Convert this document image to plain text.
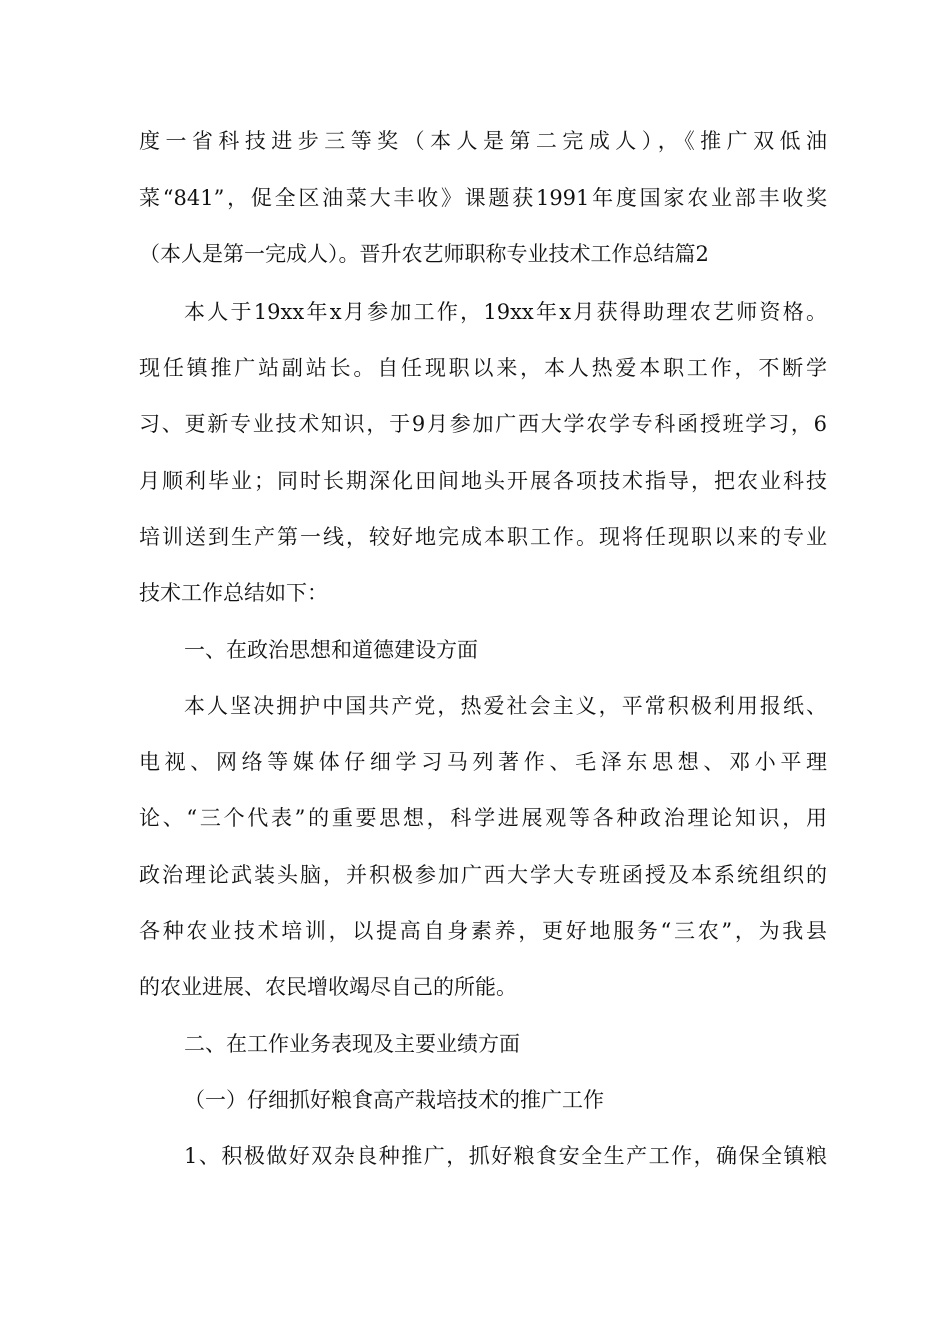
度一省科技进步三等奖（本人是第二完成人），《推广双低油
菜“841”，促全区油菜大丰收》课题获1991年度国家农业部丰收奖
（本人是第一完成人）。晋升农艺师职称专业技术工作总结篇2
本人于19xx年x月参加工作，19xx年x月获得助理农艺师资格。
现任镇推广站副站长。自任现职以来，本人热爱本职工作，不断学
习、更新专业技术知识，于9月参加广西大学农学专科函授班学习，6
月顺利毕业；同时长期深化田间地头开展各项技术指导，把农业科技
培训送到生产第一线，较好地完成本职工作。现将任现职以来的专业
技术工作总结如下：
一、在政治思想和道德建设方面
本人坚决拥护中国共产党，热爱社会主义，平常积极利用报纸、
电视、网络等媒体仔细学习马列著作、毛泽东思想、邓小平理
论、“三个代表”的重要思想，科学进展观等各种政治理论知识，用
政治理论武装头脑，并积极参加广西大学大专班函授及本系统组织的
各种农业技术培训，以提高自身素养，更好地服务“三农”，为我县
的农业进展、农民增收竭尽自己的所能。
二、在工作业务表现及主要业绩方面
（一）仔细抓好粮食高产栽培技术的推广工作
1、积极做好双杂良种推广，抓好粮食安全生产工作，确保全镇粮
